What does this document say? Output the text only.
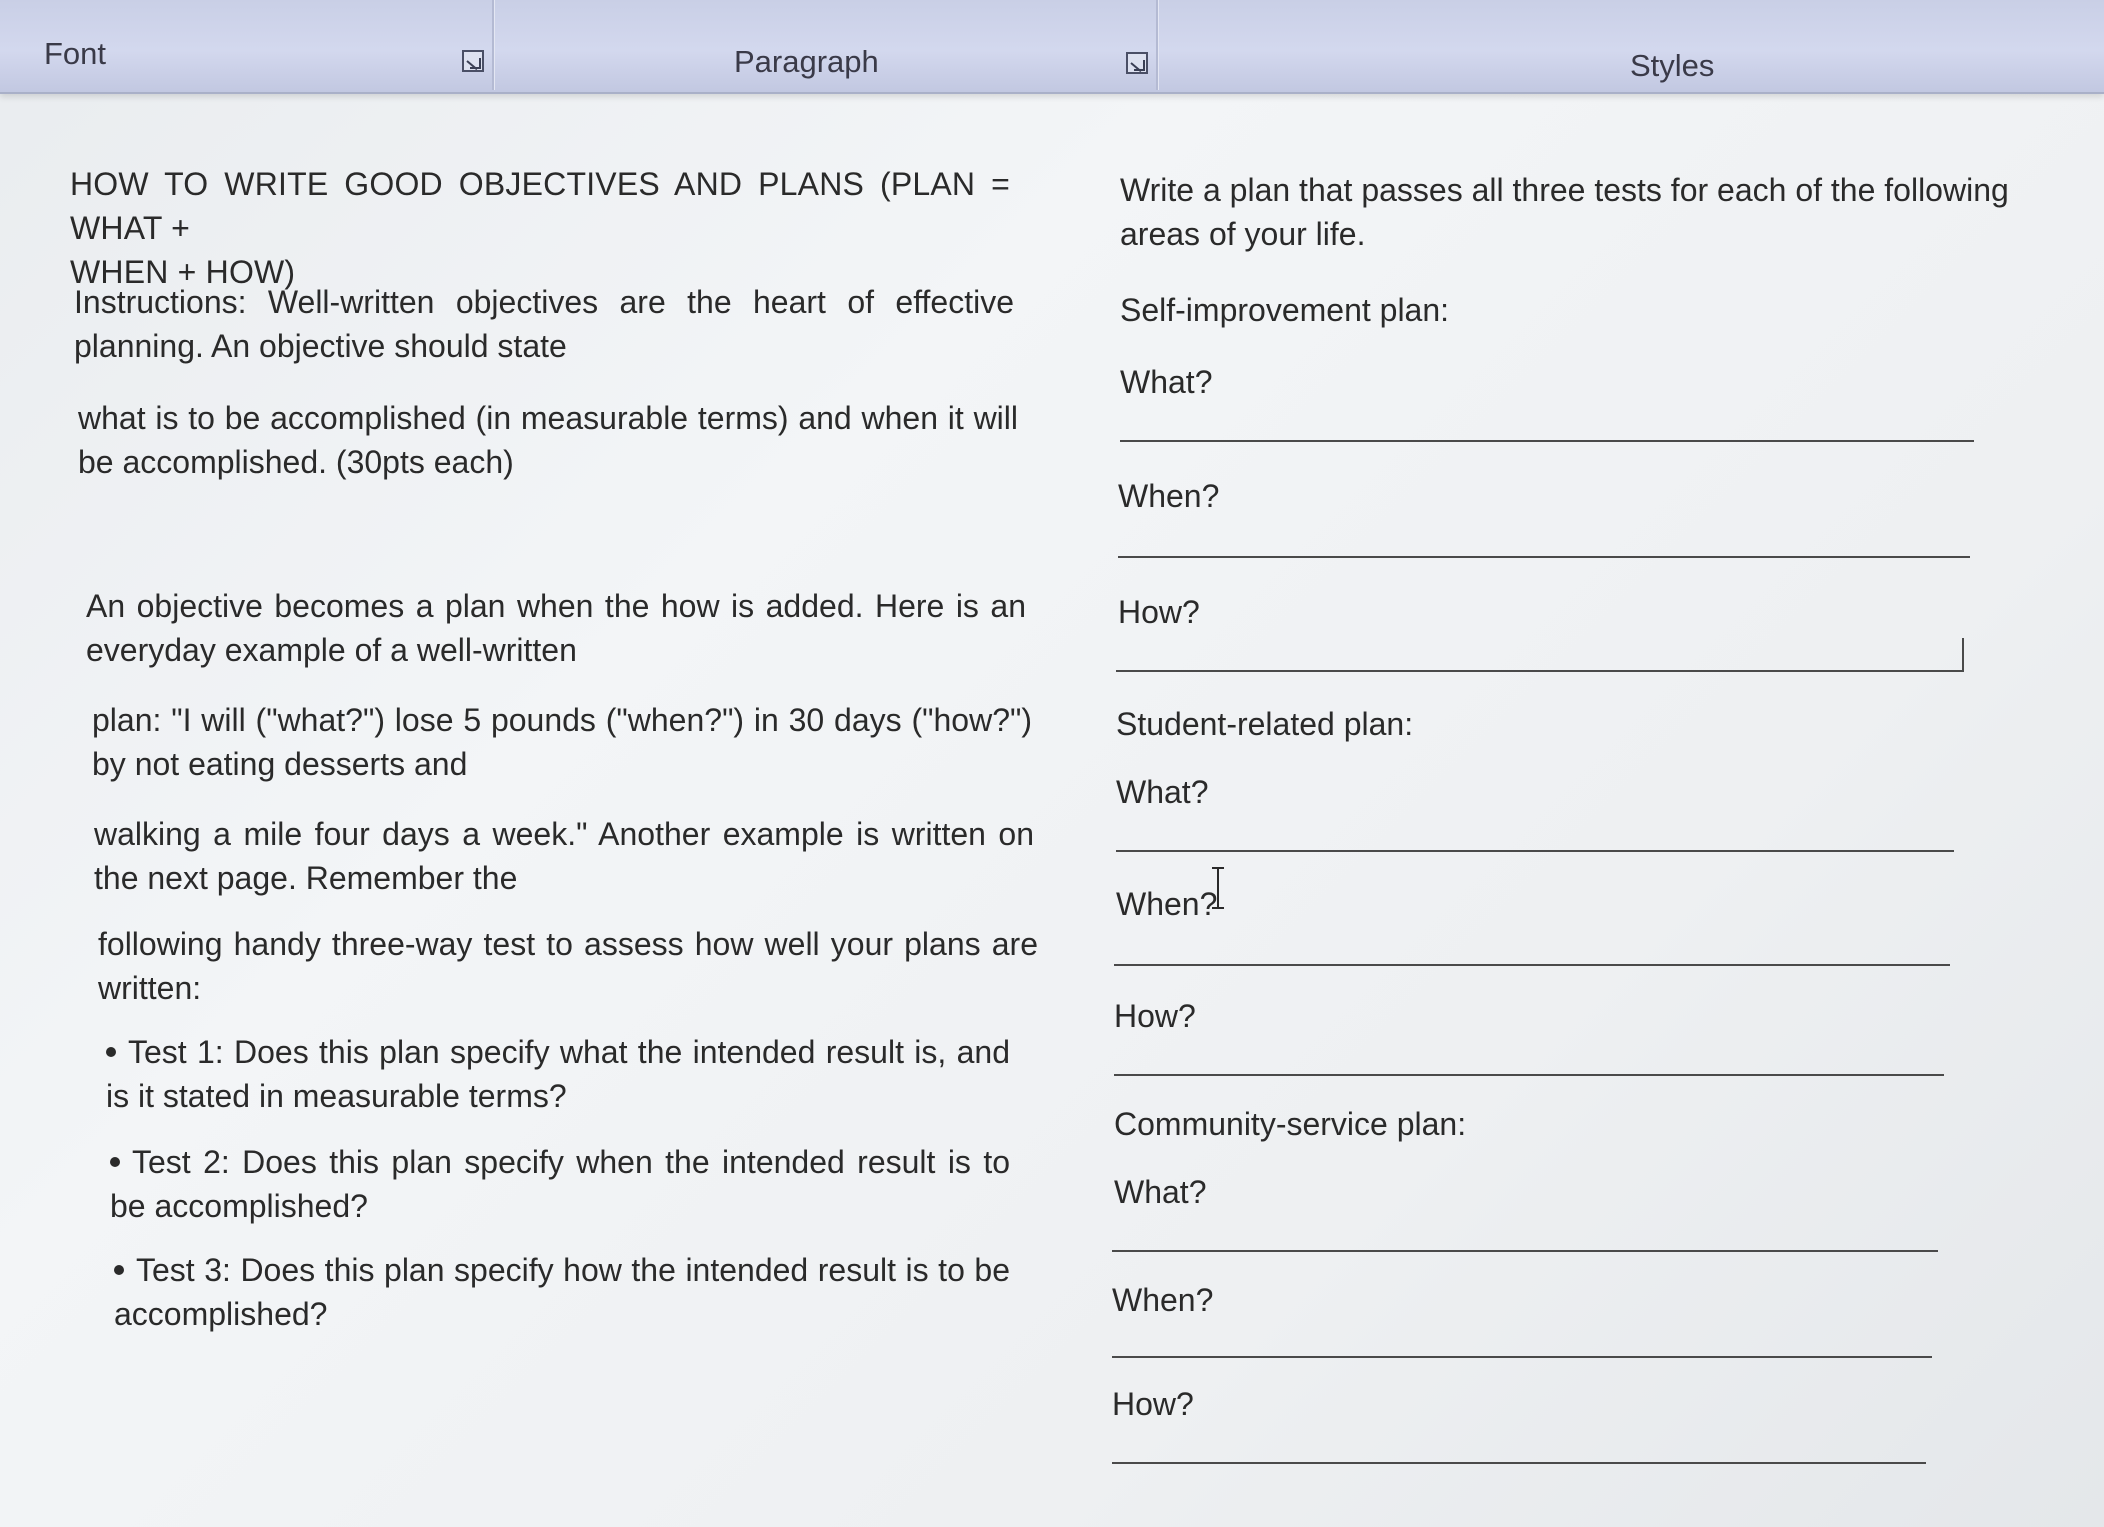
Font	Paragraph	Styles
HOW TO WRITE GOOD OBJECTIVES AND PLANS (PLAN = WHAT +
WHEN + HOW)
Instructions: Well-written objectives are the heart of effective planning. An objective should state
what is to be accomplished (in measurable terms) and when it will be accomplished. (30pts each)
An objective becomes a plan when the how is added. Here is an everyday example of a well-written
plan: "I will ("what?") lose 5 pounds ("when?") in 30 days ("how?") by not eating desserts and
walking a mile four days a week." Another example is written on the next page. Remember the
following handy three-way test to assess how well your plans are written:
Test 1: Does this plan specify what the intended result is, and is it stated in measurable terms?
Test 2: Does this plan specify when the intended result is to be accomplished?
Test 3: Does this plan specify how the intended result is to be accomplished?
Write a plan that passes all three tests for each of the following areas of your life.
Self-improvement plan:
What?
When?
How?
Student-related plan:
What?
When?
How?
Community-service plan:
What?
When?
How?
